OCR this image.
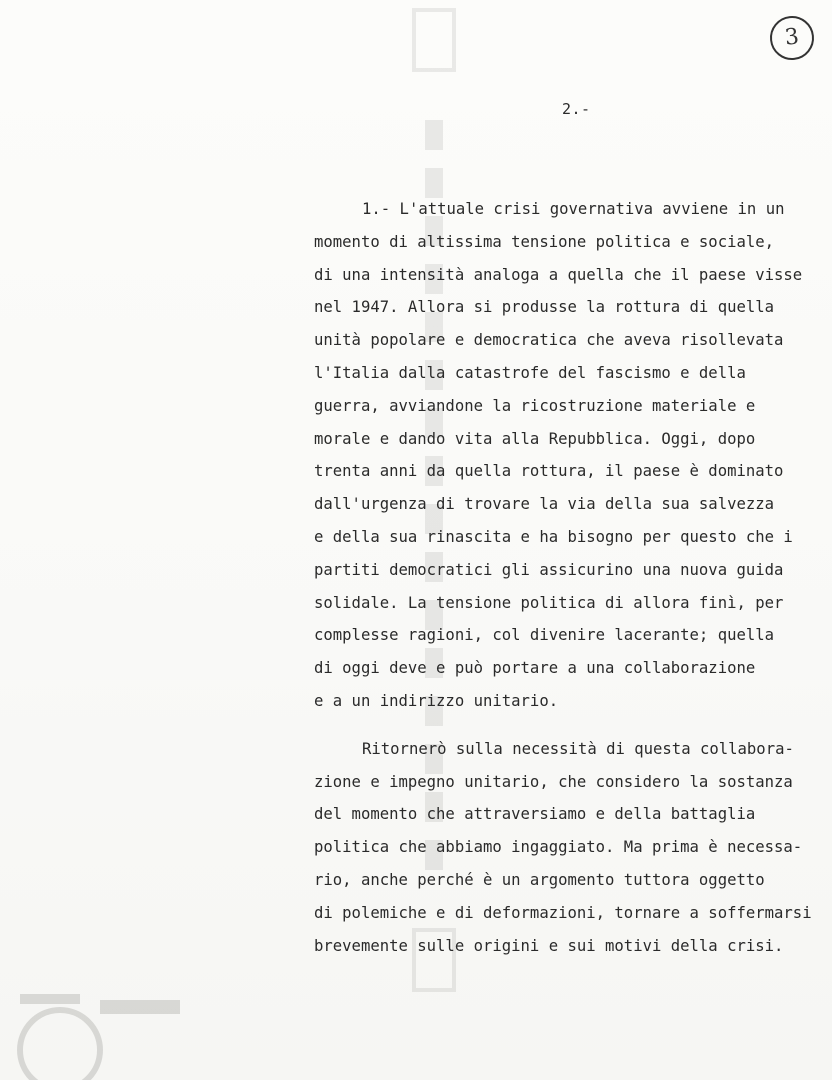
3
2.-
1.- L'attuale crisi governativa avviene in un
momento di altissima tensione politica e sociale,
di una intensità analoga a quella che il paese visse
nel 1947. Allora si produsse la rottura di quella
unità popolare e democratica che aveva risollevata
l'Italia dalla catastrofe del fascismo e della
guerra, avviandone la ricostruzione materiale e
morale e dando vita alla Repubblica. Oggi, dopo
trenta anni da quella rottura, il paese è dominato
dall'urgenza di trovare la via della sua salvezza
e della sua rinascita e ha bisogno per questo che i
partiti democratici gli assicurino una nuova guida
solidale. La tensione politica di allora finì, per
complesse ragioni, col divenire lacerante; quella
di oggi deve e può portare a una collaborazione
e a un indirizzo unitario.
Ritornerò sulla necessità di questa collabora-
zione e impegno unitario, che considero la sostanza
del momento che attraversiamo e della battaglia
politica che abbiamo ingaggiato. Ma prima è necessa-
rio, anche perché è un argomento tuttora oggetto
di polemiche e di deformazioni, tornare a soffermarsi
brevemente sulle origini e sui motivi della crisi.
